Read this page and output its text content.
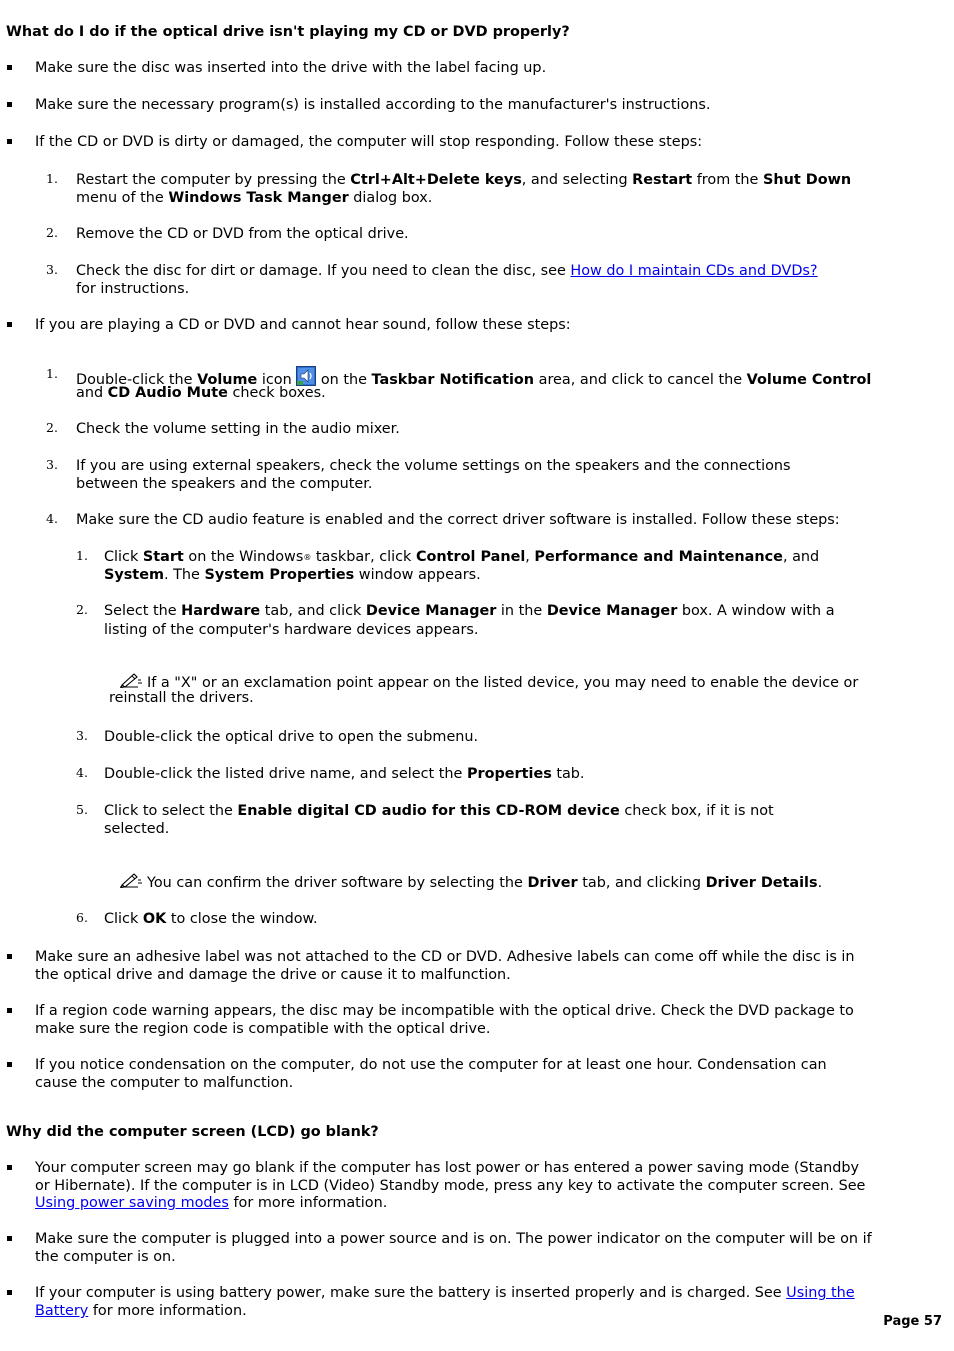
What do I do if the optical drive isn't playing my CD or DVD properly?
Make sure the disc was inserted into the drive with the label facing up.
Make sure the necessary program(s) is installed according to the manufacturer's instructions.
If the CD or DVD is dirty or damaged, the computer will stop responding. Follow these steps:
1. Restart the computer by pressing the Ctrl+Alt+Delete keys, and selecting Restart from the Shut Down
menu of the Windows Task Manger dialog box.
2. Remove the CD or DVD from the optical drive.
3. Check the disc for dirt or damage. If you need to clean the disc, see How do I maintain CDs and DVDs?
for instructions.
If you are playing a CD or DVD and cannot hear sound, follow these steps:
1. Double-click the Volume icon  on the Taskbar Notification area, and click to cancel the Volume Control
and CD Audio Mute check boxes.
2. Check the volume setting in the audio mixer.
3. If you are using external speakers, check the volume settings on the speakers and the connections
between the speakers and the computer.
4. Make sure the CD audio feature is enabled and the correct driver software is installed. Follow these steps:
1. Click Start on the Windows® taskbar, click Control Panel, Performance and Maintenance, and
System. The System Properties window appears.
2. Select the Hardware tab, and click Device Manager in the Device Manager box. A window with a
listing of the computer's hardware devices appears.
If a "X" or an exclamation point appear on the listed device, you may need to enable the device or
reinstall the drivers.
3. Double-click the optical drive to open the submenu.
4. Double-click the listed drive name, and select the Properties tab.
5. Click to select the Enable digital CD audio for this CD-ROM device check box, if it is not
selected.
You can confirm the driver software by selecting the Driver tab, and clicking Driver Details.
6. Click OK to close the window.
Make sure an adhesive label was not attached to the CD or DVD. Adhesive labels can come off while the disc is in
the optical drive and damage the drive or cause it to malfunction.
If a region code warning appears, the disc may be incompatible with the optical drive. Check the DVD package to
make sure the region code is compatible with the optical drive.
If you notice condensation on the computer, do not use the computer for at least one hour. Condensation can
cause the computer to malfunction.
Why did the computer screen (LCD) go blank?
Your computer screen may go blank if the computer has lost power or has entered a power saving mode (Standby
or Hibernate). If the computer is in LCD (Video) Standby mode, press any key to activate the computer screen. See
Using power saving modes for more information.
Make sure the computer is plugged into a power source and is on. The power indicator on the computer will be on if
the computer is on.
If your computer is using battery power, make sure the battery is inserted properly and is charged. See Using the
Battery for more information.
Page 57
